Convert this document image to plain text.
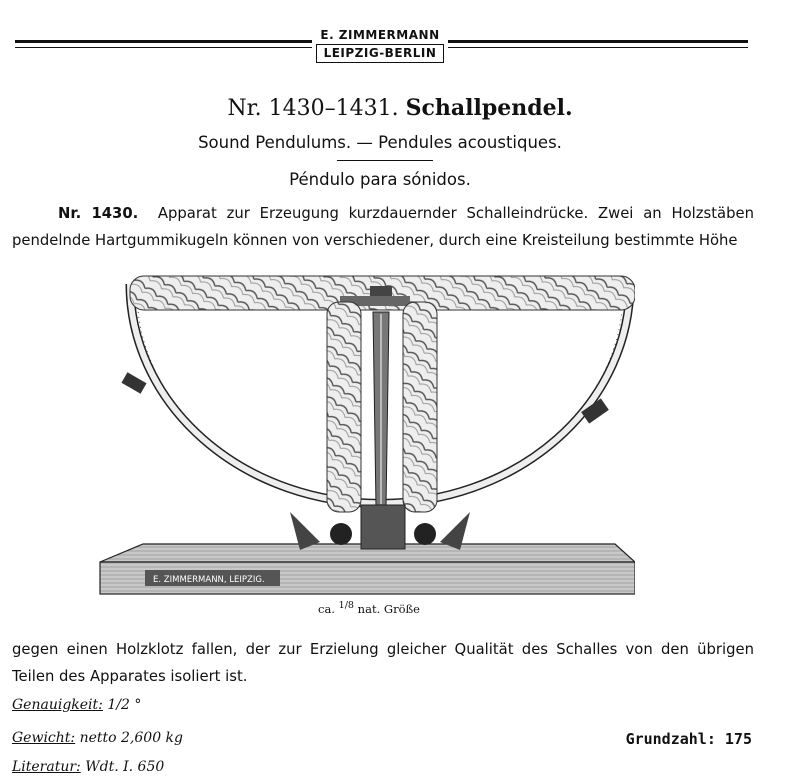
E. ZIMMERMANN
LEIPZIG-BERLIN
Nr. 1430–1431. Schallpendel.
Sound Pendulums. — Pendules acoustiques.
Péndulo para sónidos.
Nr. 1430. Apparat zur Erzeugung kurzdauernder Schalleindrücke. Zwei an Holzstäben pendelnde Hartgummikugeln können von verschiedener, durch eine Kreisteilung bestimmte Höhe
E. ZIMMERMANN, LEIPZIG.
ca. $^{1/8}$ nat. Größe
gegen einen Holzklotz fallen, der zur Erzielung gleicher Qualität des Schalles von den übrigen Teilen des Apparates isoliert ist.
Genauigkeit: 1/2 °
Gewicht: netto 2,600 kg
Literatur: Wdt. I. 650
Grundzahl: 175
